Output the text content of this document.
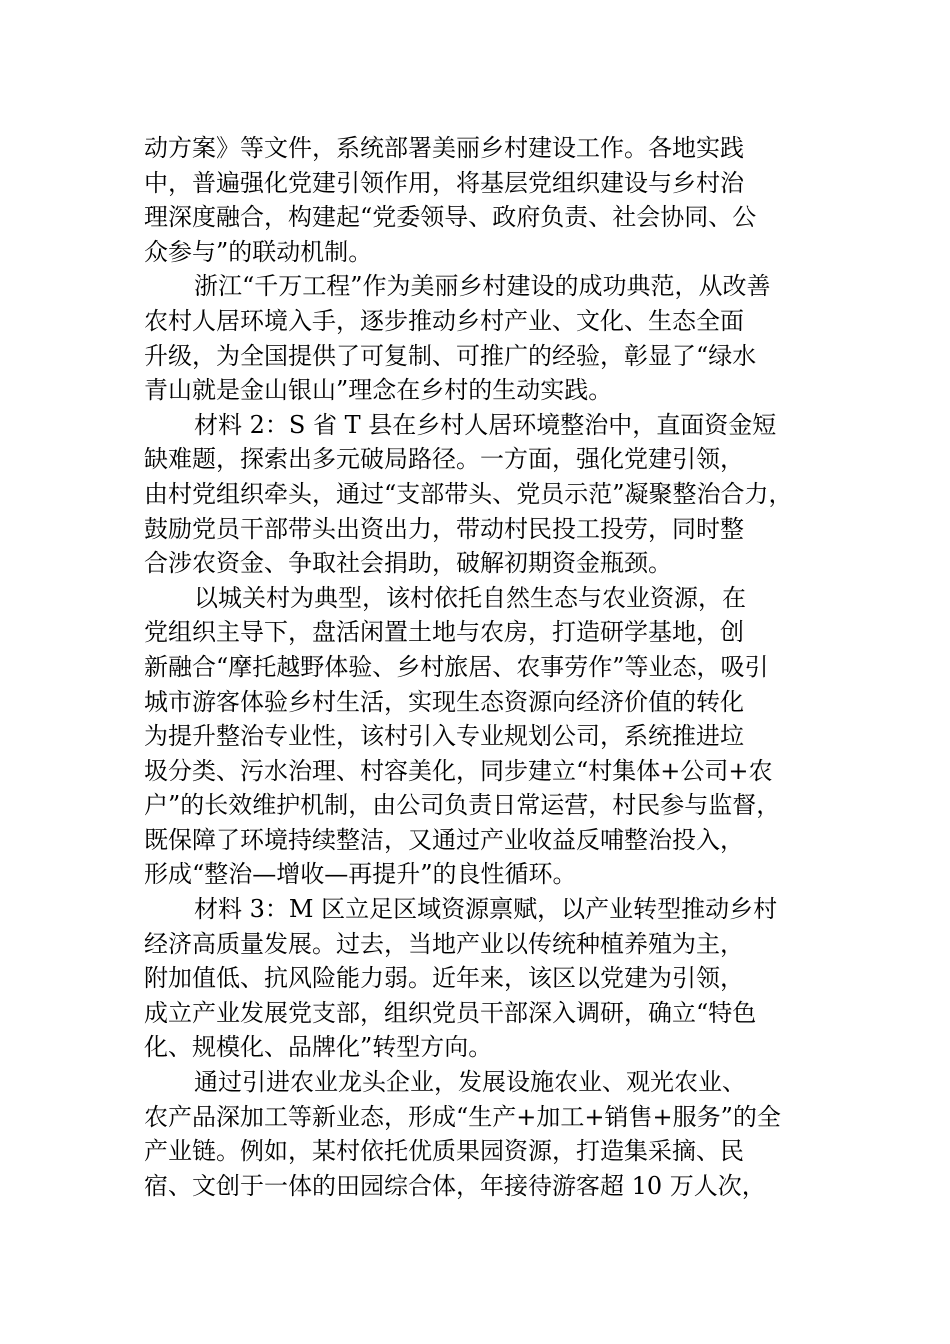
动方案》等文件，系统部署美丽乡村建设工作。各地实践
中，普遍强化党建引领作用，将基层党组织建设与乡村治
理深度融合，构建起“党委领导、政府负责、社会协同、公
众参与”的联动机制。
浙江“千万工程”作为美丽乡村建设的成功典范，从改善
农村人居环境入手，逐步推动乡村产业、文化、生态全面
升级，为全国提供了可复制、可推广的经验，彰显了“绿水
青山就是金山银山”理念在乡村的生动实践。
材料 2：S 省 T 县在乡村人居环境整治中，直面资金短
缺难题，探索出多元破局路径。一方面，强化党建引领，
由村党组织牵头，通过“支部带头、党员示范”凝聚整治合力，
鼓励党员干部带头出资出力，带动村民投工投劳，同时整
合涉农资金、争取社会捐助，破解初期资金瓶颈。
以城关村为典型，该村依托自然生态与农业资源，在
党组织主导下，盘活闲置土地与农房，打造研学基地，创
新融合“摩托越野体验、乡村旅居、农事劳作”等业态，吸引
城市游客体验乡村生活，实现生态资源向经济价值的转化
为提升整治专业性，该村引入专业规划公司，系统推进垃
圾分类、污水治理、村容美化，同步建立“村集体+公司+农
户”的长效维护机制，由公司负责日常运营，村民参与监督，
既保障了环境持续整洁，又通过产业收益反哺整治投入，
形成“整治—增收—再提升”的良性循环。
材料 3：M 区立足区域资源禀赋，以产业转型推动乡村
经济高质量发展。过去，当地产业以传统种植养殖为主，
附加值低、抗风险能力弱。近年来，该区以党建为引领，
成立产业发展党支部，组织党员干部深入调研，确立“特色
化、规模化、品牌化”转型方向。
通过引进农业龙头企业，发展设施农业、观光农业、
农产品深加工等新业态，形成“生产+加工+销售+服务”的全
产业链。例如，某村依托优质果园资源，打造集采摘、民
宿、文创于一体的田园综合体，年接待游客超 10 万人次，
